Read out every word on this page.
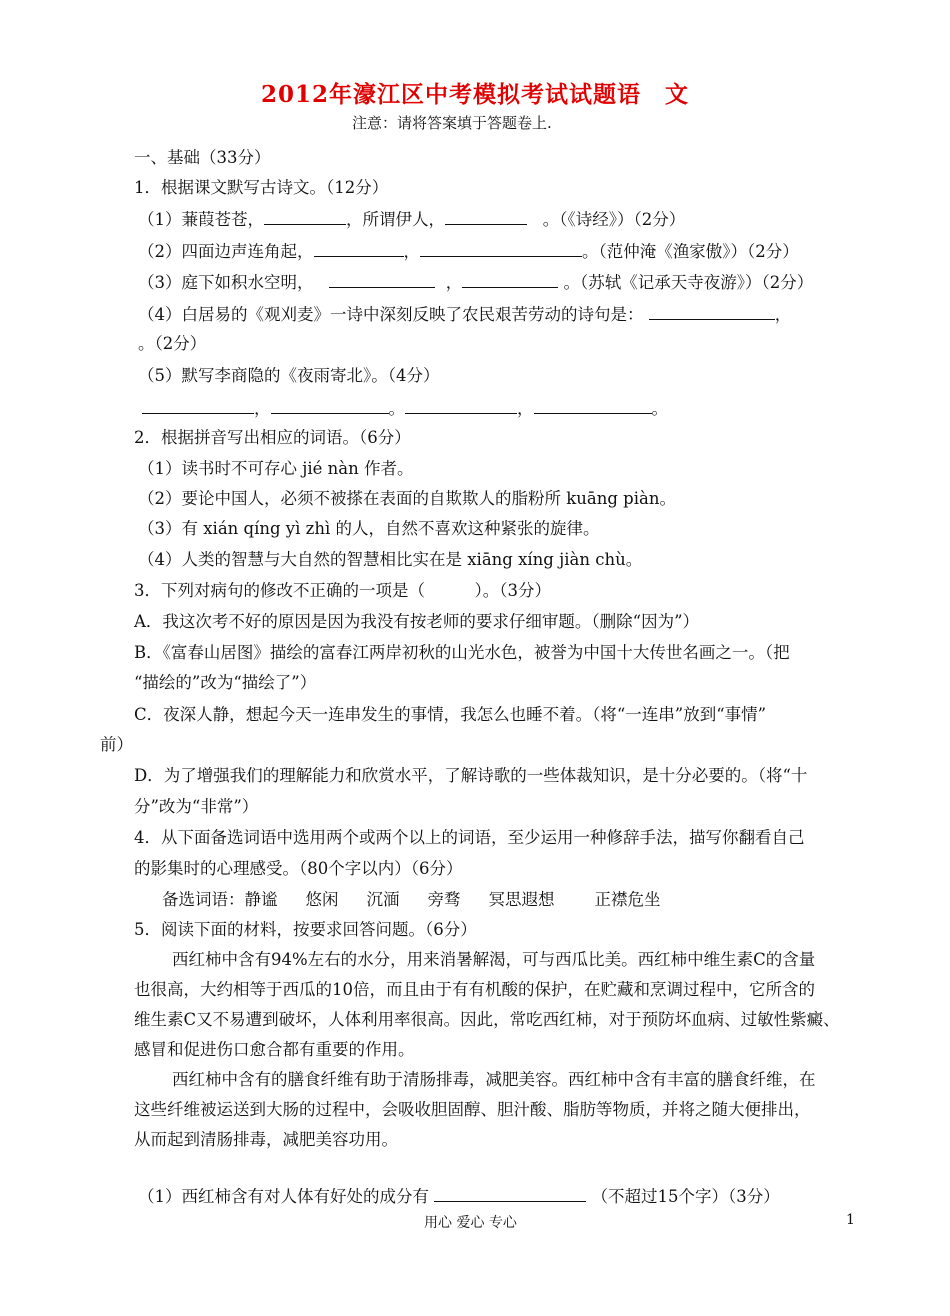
2012年濠江区中考模拟考试试题语　文
注意：请将答案填于答题卷上.
一、基础（33分）
1．根据课文默写古诗文。（12分）
（1）蒹葭苍苍，	，所谓伊人，	。（《诗经》）（2分）
（2）四面边声连角起，	，	。（范仲淹《渔家傲》）（2分）
（3）庭下如积水空明，	，	。（苏轼《记承天寺夜游》）（2分）
（4）白居易的《观刈麦》一诗中深刻反映了农民艰苦劳动的诗句是：	，
。（2分）
（5）默写李商隐的《夜雨寄北》。（4分）
，	。	，	。
2．根据拼音写出相应的词语。（6分）
（1）读书时不可存心 jié nàn 作者。
（2）要论中国人，必须不被搽在表面的自欺欺人的脂粉所 kuāng piàn。
（3）有 xián qíng yì zhì 的人，自然不喜欢这种紧张的旋律。
（4）人类的智慧与大自然的智慧相比实在是 xiāng xíng jiàn chù。
3．下列对病句的修改不正确的一项是（　　　）。（3分）
A．我这次考不好的原因是因为我没有按老师的要求仔细审题。（删除“因为”）
B．《富春山居图》描绘的富春江两岸初秋的山光水色，被誉为中国十大传世名画之一。（把
“描绘的”改为“描绘了”）
C．夜深人静，想起今天一连串发生的事情，我怎么也睡不着。（将“一连串”放到“事情”
前）
D．为了增强我们的理解能力和欣赏水平，了解诗歌的一些体裁知识，是十分必要的。（将“十
分”改为“非常”）
4．从下面备选词语中选用两个或两个以上的词语，至少运用一种修辞手法，描写你翻看自己
的影集时的心理感受。（80个字以内）（6分）
备选词语：静谧 悠闲 沉湎 旁骛 冥思遐想 正襟危坐
5．阅读下面的材料，按要求回答问题。（6分）
西红柿中含有94%左右的水分，用来消暑解渴，可与西瓜比美。西红柿中维生素C的含量
也很高，大约相等于西瓜的10倍，而且由于有有机酸的保护，在贮藏和烹调过程中，它所含的
维生素C又不易遭到破坏，人体利用率很高。因此，常吃西红柿，对于预防坏血病、过敏性紫癜、
感冒和促进伤口愈合都有重要的作用。
西红柿中含有的膳食纤维有助于清肠排毒，减肥美容。西红柿中含有丰富的膳食纤维，在
这些纤维被运送到大肠的过程中，会吸收胆固醇、胆汁酸、脂肪等物质，并将之随大便排出，
从而起到清肠排毒，减肥美容功用。
（1）西红柿含有对人体有好处的成分有	（不超过15个字）（3分）
用心 爱心 专心	1
